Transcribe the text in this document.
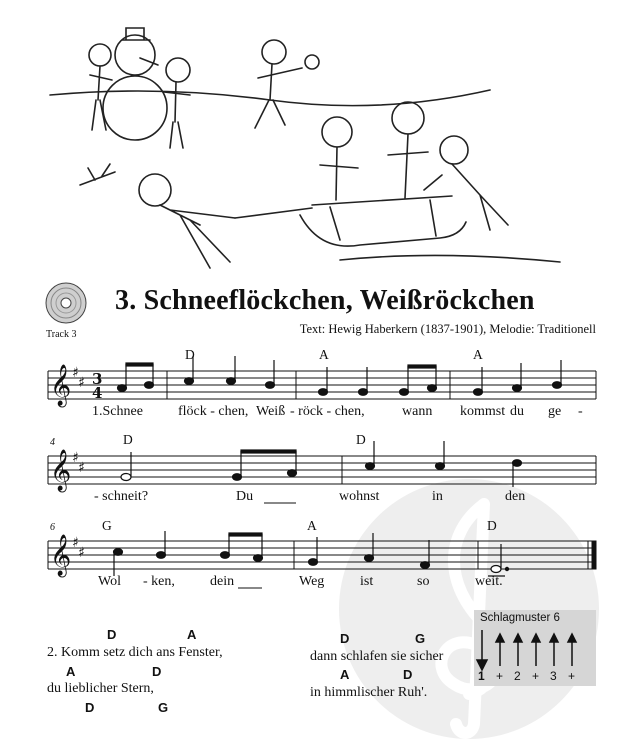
Track 3
3. Schneeflöckchen, Weißröckchen
Text: Hewig Haberkern (1837-1901), Melodie: Traditionell
𝄞
𝄞
𝄞
♯
♯
♯
♯
♯
♯
3
4
4
6
D	A	A
1.Schnee	flöck - chen, Weiß - röck - chen,	wann kommst du ge -
D	D
- schneit?	Du	wohnst	in	den
G	A	D
Wol - ken,	dein	Weg	ist	so	weit.
D	A
2. Komm setz dich ans Fenster,
A	D
du lieblicher Stern,
D	G
D	G
dann schlafen sie sicher
A	D
in himmlischer Ruh'.
Schlagmuster 6
1 + 2 + 3 +
